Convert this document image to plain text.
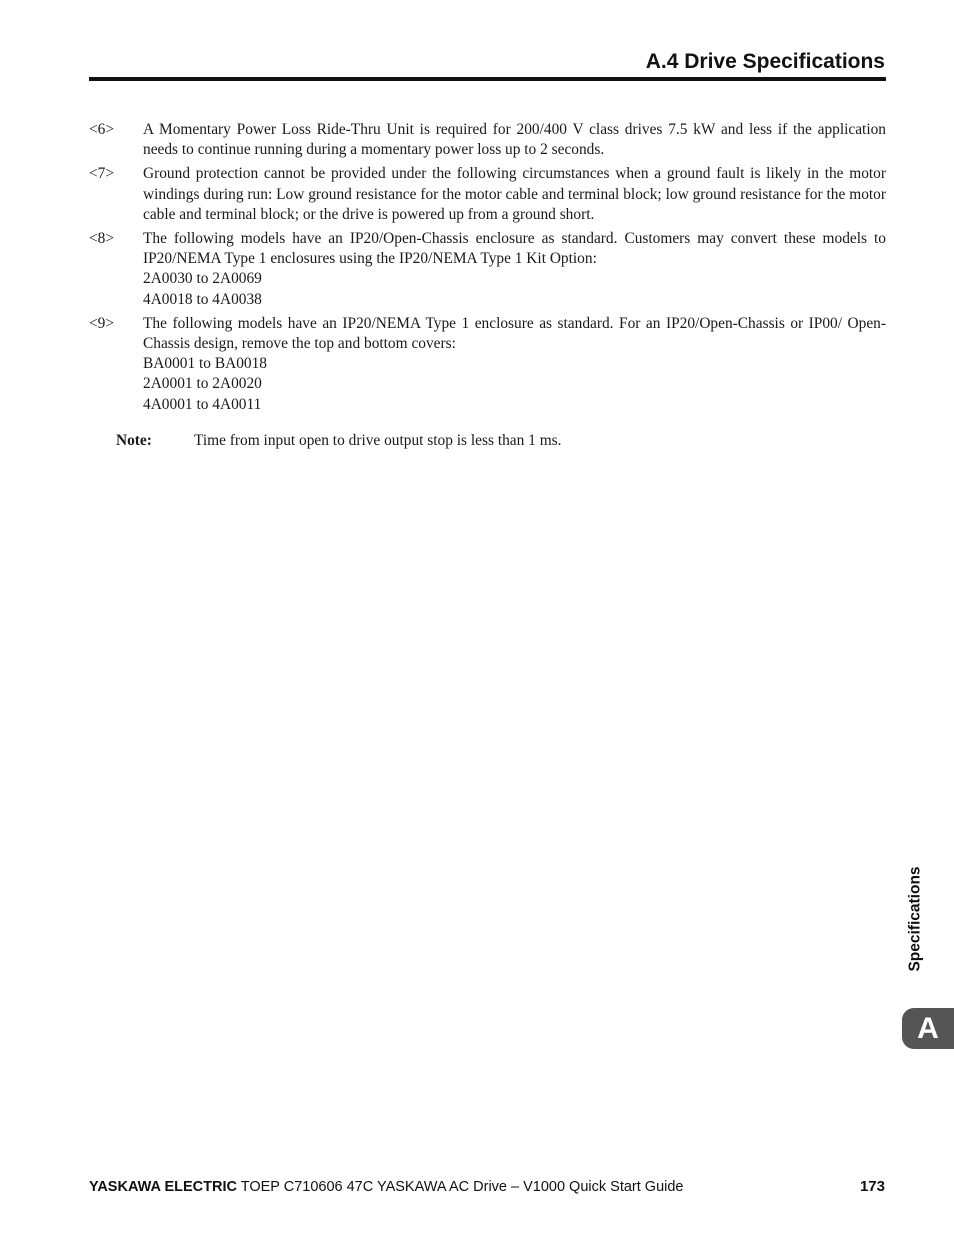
A.4 Drive Specifications
<6>	A Momentary Power Loss Ride-Thru Unit is required for 200/400 V class drives 7.5 kW and less if the application needs to continue running during a momentary power loss up to 2 seconds.
<7>	Ground protection cannot be provided under the following circumstances when a ground fault is likely in the motor windings during run: Low ground resistance for the motor cable and terminal block; low ground resistance for the motor cable and terminal block; or the drive is powered up from a ground short.
<8>	The following models have an IP20/Open-Chassis enclosure as standard. Customers may convert these models to IP20/NEMA Type 1 enclosures using the IP20/NEMA Type 1 Kit Option:
2A0030 to 2A0069
4A0018 to 4A0038
<9>	The following models have an IP20/NEMA Type 1 enclosure as standard. For an IP20/Open-Chassis or IP00/ Open-Chassis design, remove the top and bottom covers:
BA0001 to BA0018
2A0001 to 2A0020
4A0001 to 4A0011
Note:	Time from input open to drive output stop is less than 1 ms.
Specifications
A
YASKAWA ELECTRIC TOEP C710606 47C YASKAWA AC Drive – V1000 Quick Start Guide	173
